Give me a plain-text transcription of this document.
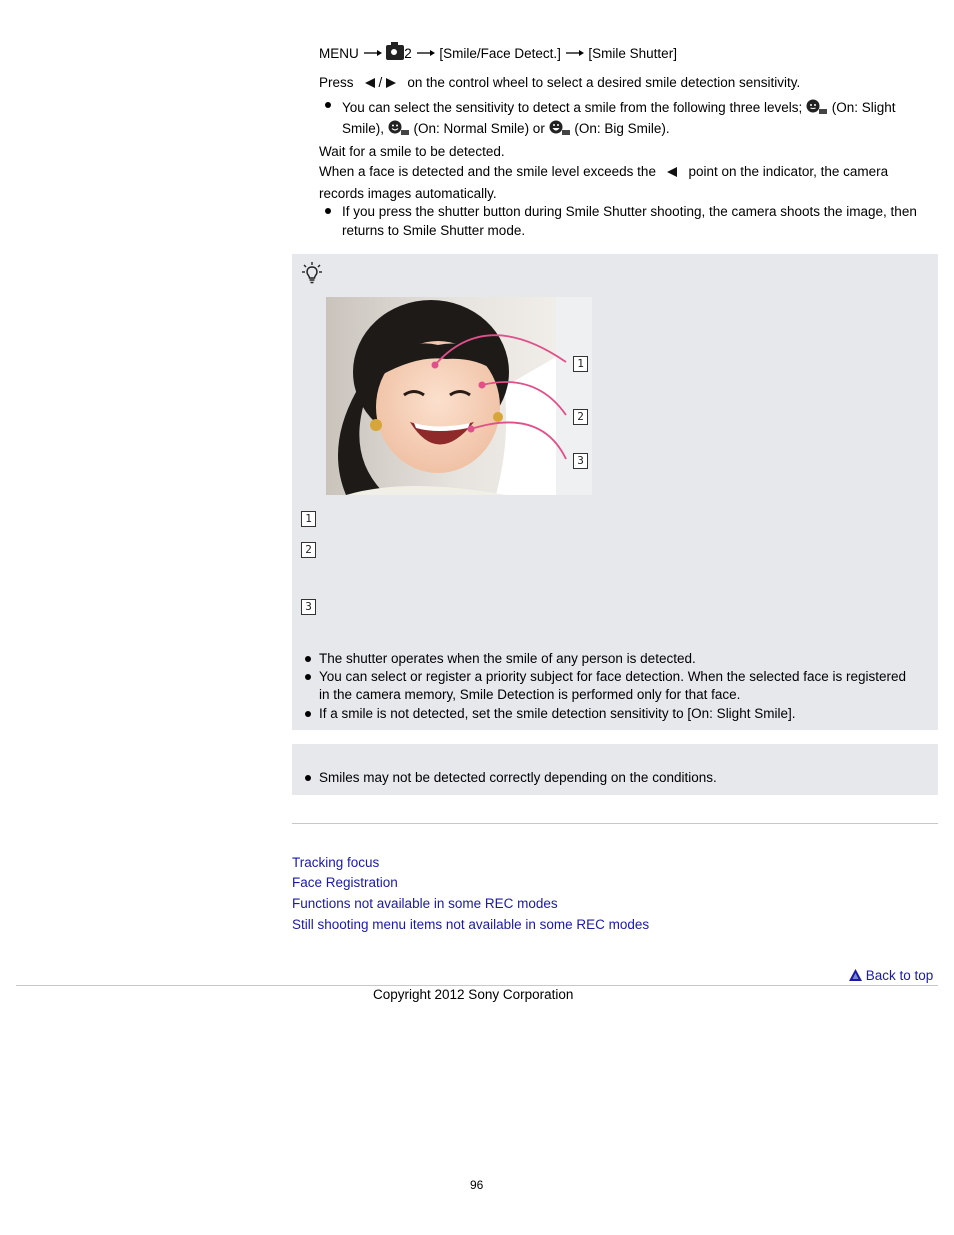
MENU	2 [Smile/Face Detect.] [Smile Shutter]
Press / on the control wheel to select a desired smile detection sensitivity.
You can select the sensitivity to detect a smile from the following three levels; (On: Slight
Smile), (On: Normal Smile) or (On: Big Smile).
Wait for a smile to be detected.
When a face is detected and the smile level exceeds the point on the indicator, the camera
records images automatically.
If you press the shutter button during Smile Shutter shooting, the camera shoots the image, then
returns to Smile Shutter mode.
1
2
3
1
2
3
The shutter operates when the smile of any person is detected.
You can select or register a priority subject for face detection. When the selected face is registered
in the camera memory, Smile Detection is performed only for that face.
If a smile is not detected, set the smile detection sensitivity to [On: Slight Smile].
Smiles may not be detected correctly depending on the conditions.
Tracking focus
Face Registration
Functions not available in some REC modes
Still shooting menu items not available in some REC modes
Back to top
Copyright 2012 Sony Corporation
96
